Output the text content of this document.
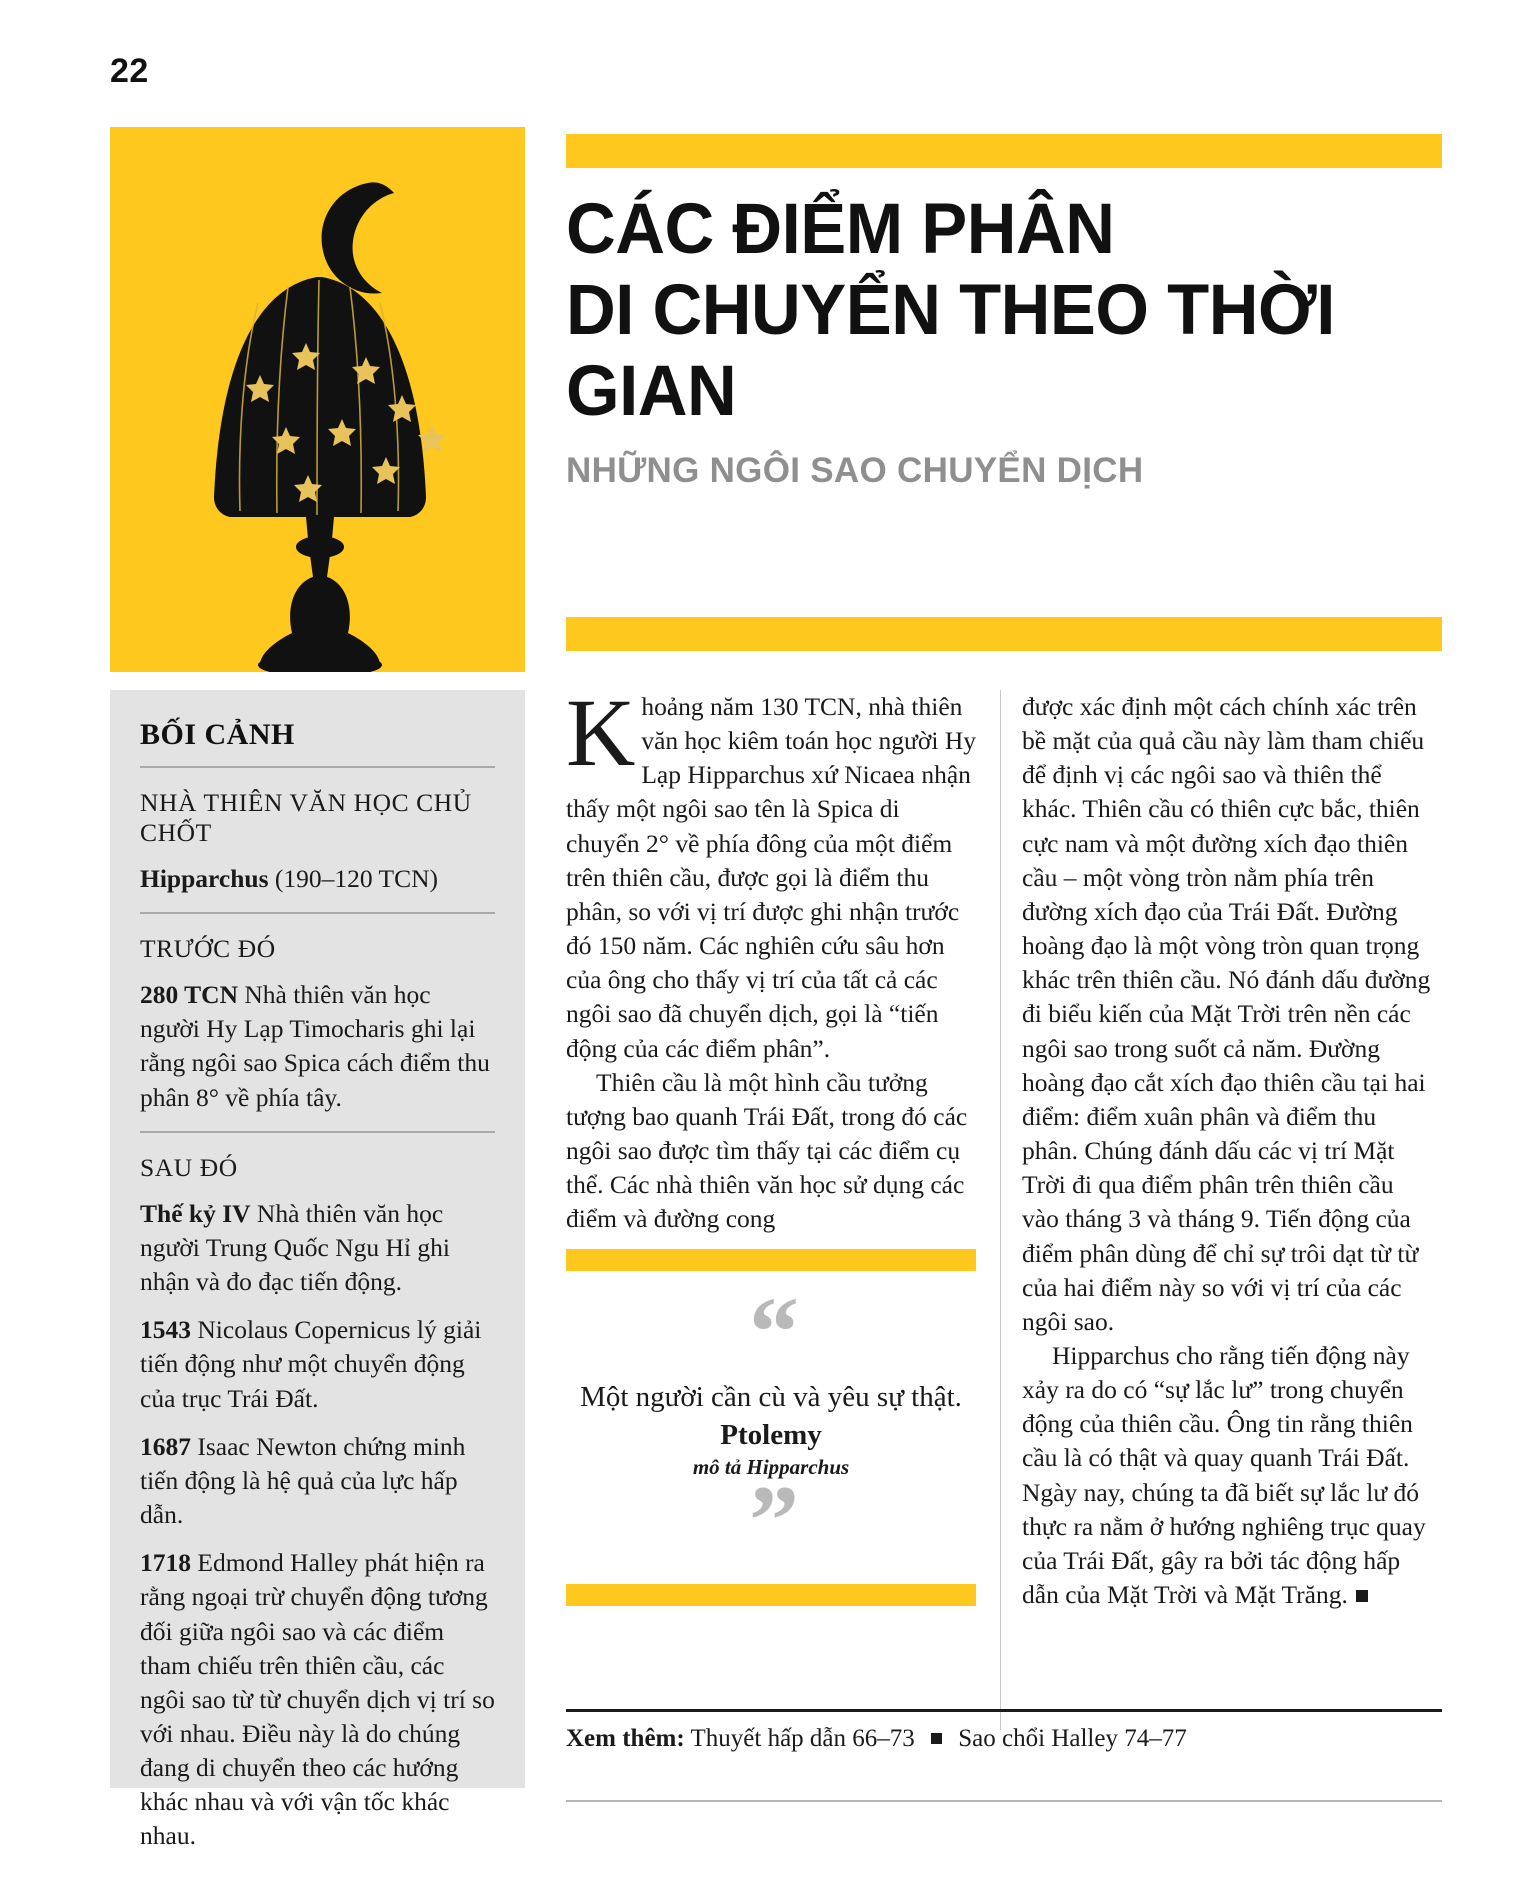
22
CÁC ĐIỂM PHÂN
DI CHUYỂN THEO THỜI GIAN
NHỮNG NGÔI SAO CHUYỂN DỊCH
BỐI CẢNH
NHÀ THIÊN VĂN HỌC CHỦ CHỐT
Hipparchus (190–120 TCN)
TRƯỚC ĐÓ
280 TCN Nhà thiên văn học người Hy Lạp Timocharis ghi lại rằng ngôi sao Spica cách điểm thu phân 8° về phía tây.
SAU ĐÓ
Thế kỷ IV Nhà thiên văn học người Trung Quốc Ngu Hỉ ghi nhận và đo đạc tiến động.
1543 Nicolaus Copernicus lý giải tiến động như một chuyển động của trục Trái Đất.
1687 Isaac Newton chứng minh tiến động là hệ quả của lực hấp dẫn.
1718 Edmond Halley phát hiện ra rằng ngoại trừ chuyển động tương đối giữa ngôi sao và các điểm tham chiếu trên thiên cầu, các ngôi sao từ từ chuyển dịch vị trí so với nhau. Điều này là do chúng đang di chuyển theo các hướng khác nhau và với vận tốc khác nhau.

Khoảng năm 130 TCN, nhà thiên văn học kiêm toán học người Hy Lạp Hipparchus xứ Nicaea nhận thấy một ngôi sao tên là Spica di chuyển 2° về phía đông của một điểm trên thiên cầu, được gọi là điểm thu phân, so với vị trí được ghi nhận trước đó 150 năm. Các nghiên cứu sâu hơn của ông cho thấy vị trí của tất cả các ngôi sao đã chuyển dịch, gọi là “tiến động của các điểm phân”.

Thiên cầu là một hình cầu tưởng tượng bao quanh Trái Đất, trong đó các ngôi sao được tìm thấy tại các điểm cụ thể. Các nhà thiên văn học sử dụng các điểm và đường cong

được xác định một cách chính xác trên bề mặt của quả cầu này làm tham chiếu để định vị các ngôi sao và thiên thể khác. Thiên cầu có thiên cực bắc, thiên cực nam và một đường xích đạo thiên cầu – một vòng tròn nằm phía trên đường xích đạo của Trái Đất. Đường hoàng đạo là một vòng tròn quan trọng khác trên thiên cầu. Nó đánh dấu đường đi biểu kiến của Mặt Trời trên nền các ngôi sao trong suốt cả năm. Đường hoàng đạo cắt xích đạo thiên cầu tại hai điểm: điểm xuân phân và điểm thu phân. Chúng đánh dấu các vị trí Mặt Trời đi qua điểm phân trên thiên cầu vào tháng 3 và tháng 9. Tiến động của điểm phân dùng để chỉ sự trôi dạt từ từ của hai điểm này so với vị trí của các ngôi sao.

Hipparchus cho rằng tiến động này xảy ra do có “sự lắc lư” trong chuyển động của thiên cầu. Ông tin rằng thiên cầu là có thật và quay quanh Trái Đất. Ngày nay, chúng ta đã biết sự lắc lư đó thực ra nằm ở hướng nghiêng trục quay của Trái Đất, gây ra bởi tác động hấp dẫn của Mặt Trời và Mặt Trăng.

“
Một người cần cù và yêu sự thật.
Ptolemy
mô tả Hipparchus
”
Xem thêm: Thuyết hấp dẫn 66–73 Sao chổi Halley 74–77
